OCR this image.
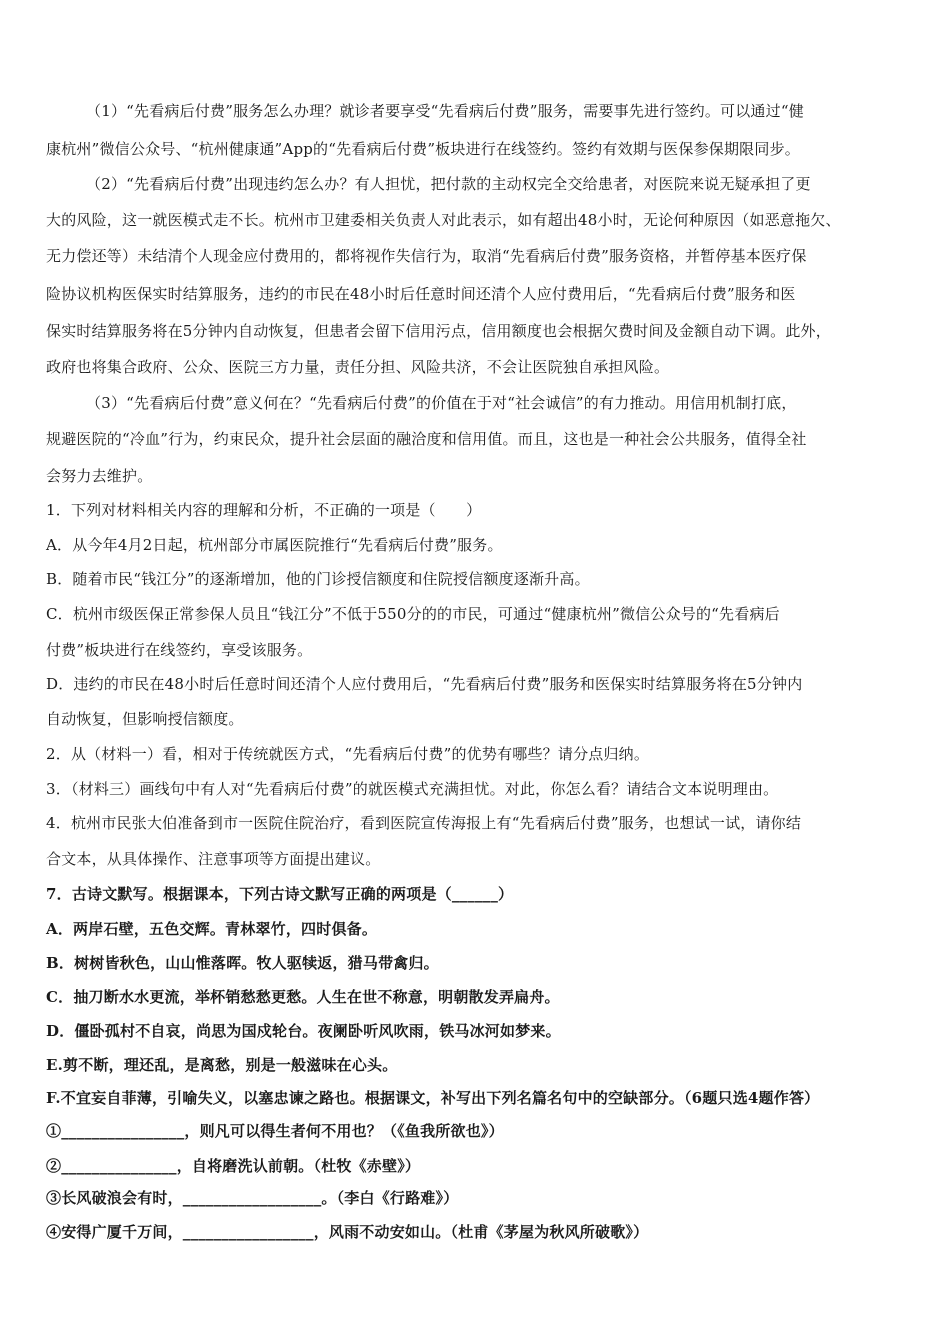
（1）“先看病后付费”服务怎么办理？就诊者要享受“先看病后付费”服务，需要事先进行签约。可以通过“健
康杭州”微信公众号、“杭州健康通”App的“先看病后付费”板块进行在线签约。签约有效期与医保参保期限同步。
（2）“先看病后付费”出现违约怎么办？有人担忧，把付款的主动权完全交给患者，对医院来说无疑承担了更
大的风险，这一就医模式走不长。杭州市卫建委相关负责人对此表示，如有超出48小时，无论何种原因（如恶意拖欠、
无力偿还等）未结清个人现金应付费用的，都将视作失信行为，取消“先看病后付费”服务资格，并暂停基本医疗保
险协议机构医保实时结算服务，违约的市民在48小时后任意时间还清个人应付费用后，“先看病后付费”服务和医
保实时结算服务将在5分钟内自动恢复，但患者会留下信用污点，信用额度也会根据欠费时间及金额自动下调。此外，
政府也将集合政府、公众、医院三方力量，责任分担、风险共济，不会让医院独自承担风险。
（3）“先看病后付费”意义何在？“先看病后付费”的价值在于对“社会诚信”的有力推动。用信用机制打底，
规避医院的“冷血”行为，约束民众，提升社会层面的融洽度和信用值。而且，这也是一种社会公共服务，值得全社
会努力去维护。
1．下列对材料相关内容的理解和分析，不正确的一项是（　　）
A．从今年4月2日起，杭州部分市属医院推行“先看病后付费”服务。
B．随着市民“钱江分”的逐渐增加，他的门诊授信额度和住院授信额度逐渐升高。
C．杭州市级医保正常参保人员且“钱江分”不低于550分的的市民，可通过“健康杭州”微信公众号的“先看病后
付费”板块进行在线签约，享受该服务。
D．违约的市民在48小时后任意时间还清个人应付费用后，“先看病后付费”服务和医保实时结算服务将在5分钟内
自动恢复，但影响授信额度。
2．从（材料一）看，相对于传统就医方式，“先看病后付费”的优势有哪些？请分点归纳。
3．（材料三）画线句中有人对“先看病后付费”的就医模式充满担忧。对此，你怎么看？请结合文本说明理由。
4．杭州市民张大伯准备到市一医院住院治疗，看到医院宣传海报上有“先看病后付费”服务，也想试一试，请你结
合文本，从具体操作、注意事项等方面提出建议。
7．古诗文默写。根据课本，下列古诗文默写正确的两项是（______）
A．两岸石壁，五色交辉。青林翠竹，四时俱备。
B．树树皆秋色，山山惟落晖。牧人驱犊返，猎马带禽归。
C．抽刀断水水更流，举杯销愁愁更愁。人生在世不称意，明朝散发弄扁舟。
D．僵卧孤村不自哀，尚思为国戍轮台。夜阑卧听风吹雨，铁马冰河如梦来。
E.剪不断，理还乱，是离愁，别是一般滋味在心头。
F.不宜妄自菲薄，引喻失义，以塞忠谏之路也。根据课文，补写出下列名篇名句中的空缺部分。（6题只选4题作答）
①________________，则凡可以得生者何不用也？（《鱼我所欲也》）
②_______________，自将磨洗认前朝。（杜牧《赤壁》）
③长风破浪会有时，__________________。（李白《行路难》）
④安得广厦千万间，_________________，风雨不动安如山。（杜甫《茅屋为秋风所破歌》）
